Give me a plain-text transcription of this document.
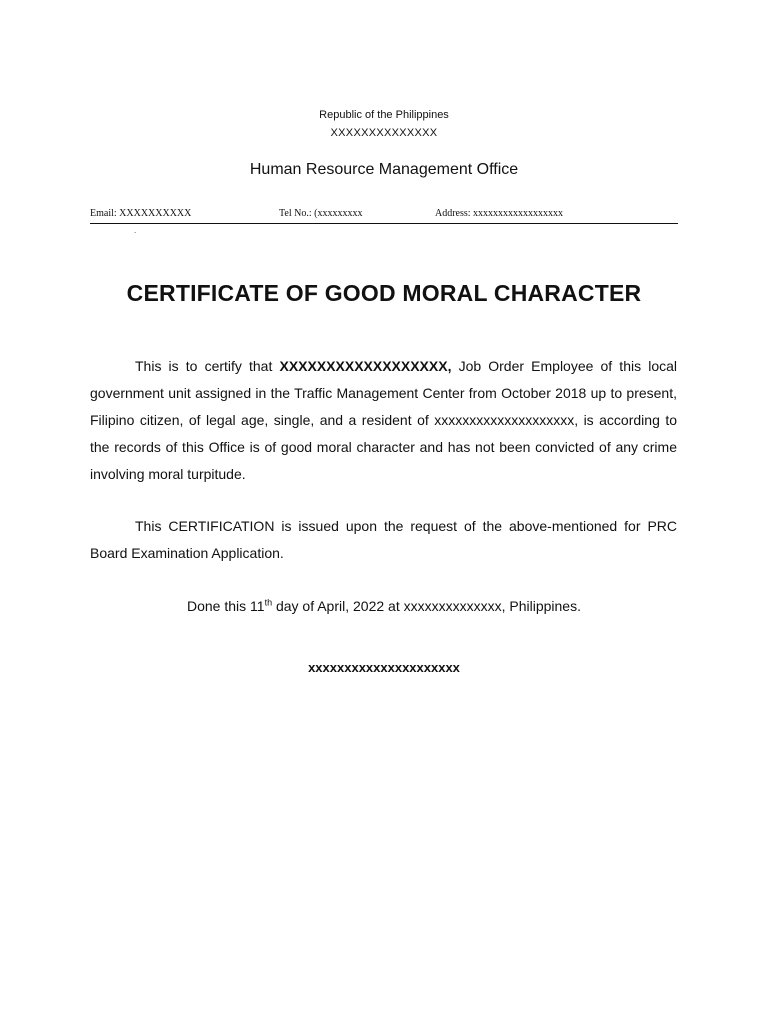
Republic of the Philippines
XXXXXXXXXXXXXX
Human Resource Management Office
Email: XXXXXXXXXX	Tel No.: (xxxxxxxxx	Address: xxxxxxxxxxxxxxxxxx
.
CERTIFICATE OF GOOD MORAL CHARACTER
This is to certify that XXXXXXXXXXXXXXXXXX, Job Order Employee of this local government unit assigned in the Traffic Management Center from October 2018 up to present, Filipino citizen, of legal age, single, and a resident of xxxxxxxxxxxxxxxxxxxx, is according to the records of this Office is of good moral character and has not been convicted of any crime involving moral turpitude.
This CERTIFICATION is issued upon the request of the above-mentioned for PRC Board Examination Application.
Done this 11th day of April, 2022 at xxxxxxxxxxxxxx, Philippines.
xxxxxxxxxxxxxxxxxxxxx
